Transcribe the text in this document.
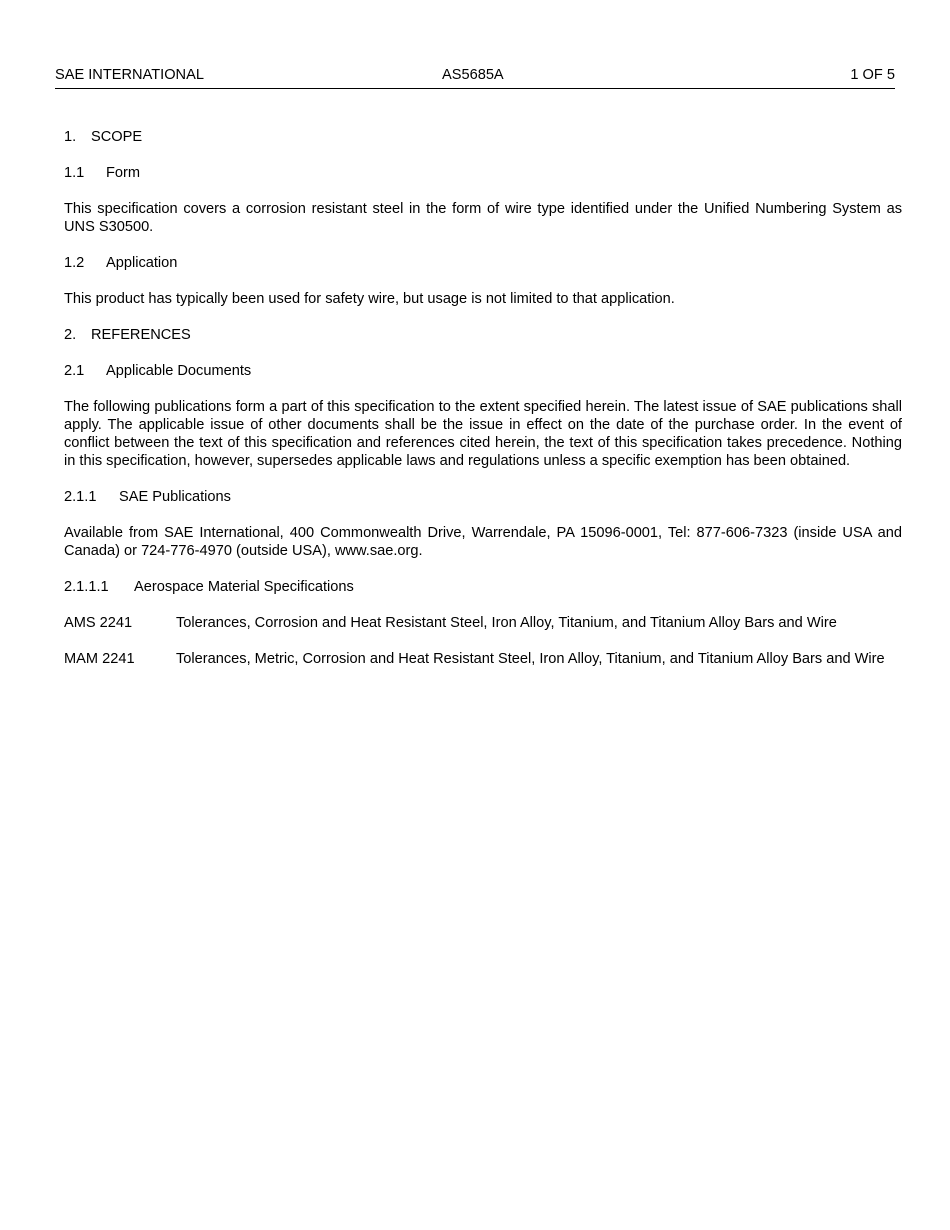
SAE INTERNATIONAL	AS5685A	1 OF 5
1. SCOPE
1.1 Form
This specification covers a corrosion resistant steel in the form of wire type identified under the Unified Numbering System as UNS S30500.
1.2 Application
This product has typically been used for safety wire, but usage is not limited to that application.
2. REFERENCES
2.1 Applicable Documents
The following publications form a part of this specification to the extent specified herein. The latest issue of SAE publications shall apply. The applicable issue of other documents shall be the issue in effect on the date of the purchase order. In the event of conflict between the text of this specification and references cited herein, the text of this specification takes precedence. Nothing in this specification, however, supersedes applicable laws and regulations unless a specific exemption has been obtained.
2.1.1 SAE Publications
Available from SAE International, 400 Commonwealth Drive, Warrendale, PA 15096-0001, Tel: 877-606-7323 (inside USA and Canada) or 724-776-4970 (outside USA), www.sae.org.
2.1.1.1 Aerospace Material Specifications
AMS 2241	Tolerances, Corrosion and Heat Resistant Steel, Iron Alloy, Titanium, and Titanium Alloy Bars and Wire
MAM 2241	Tolerances, Metric, Corrosion and Heat Resistant Steel, Iron Alloy, Titanium, and Titanium Alloy Bars and Wire
